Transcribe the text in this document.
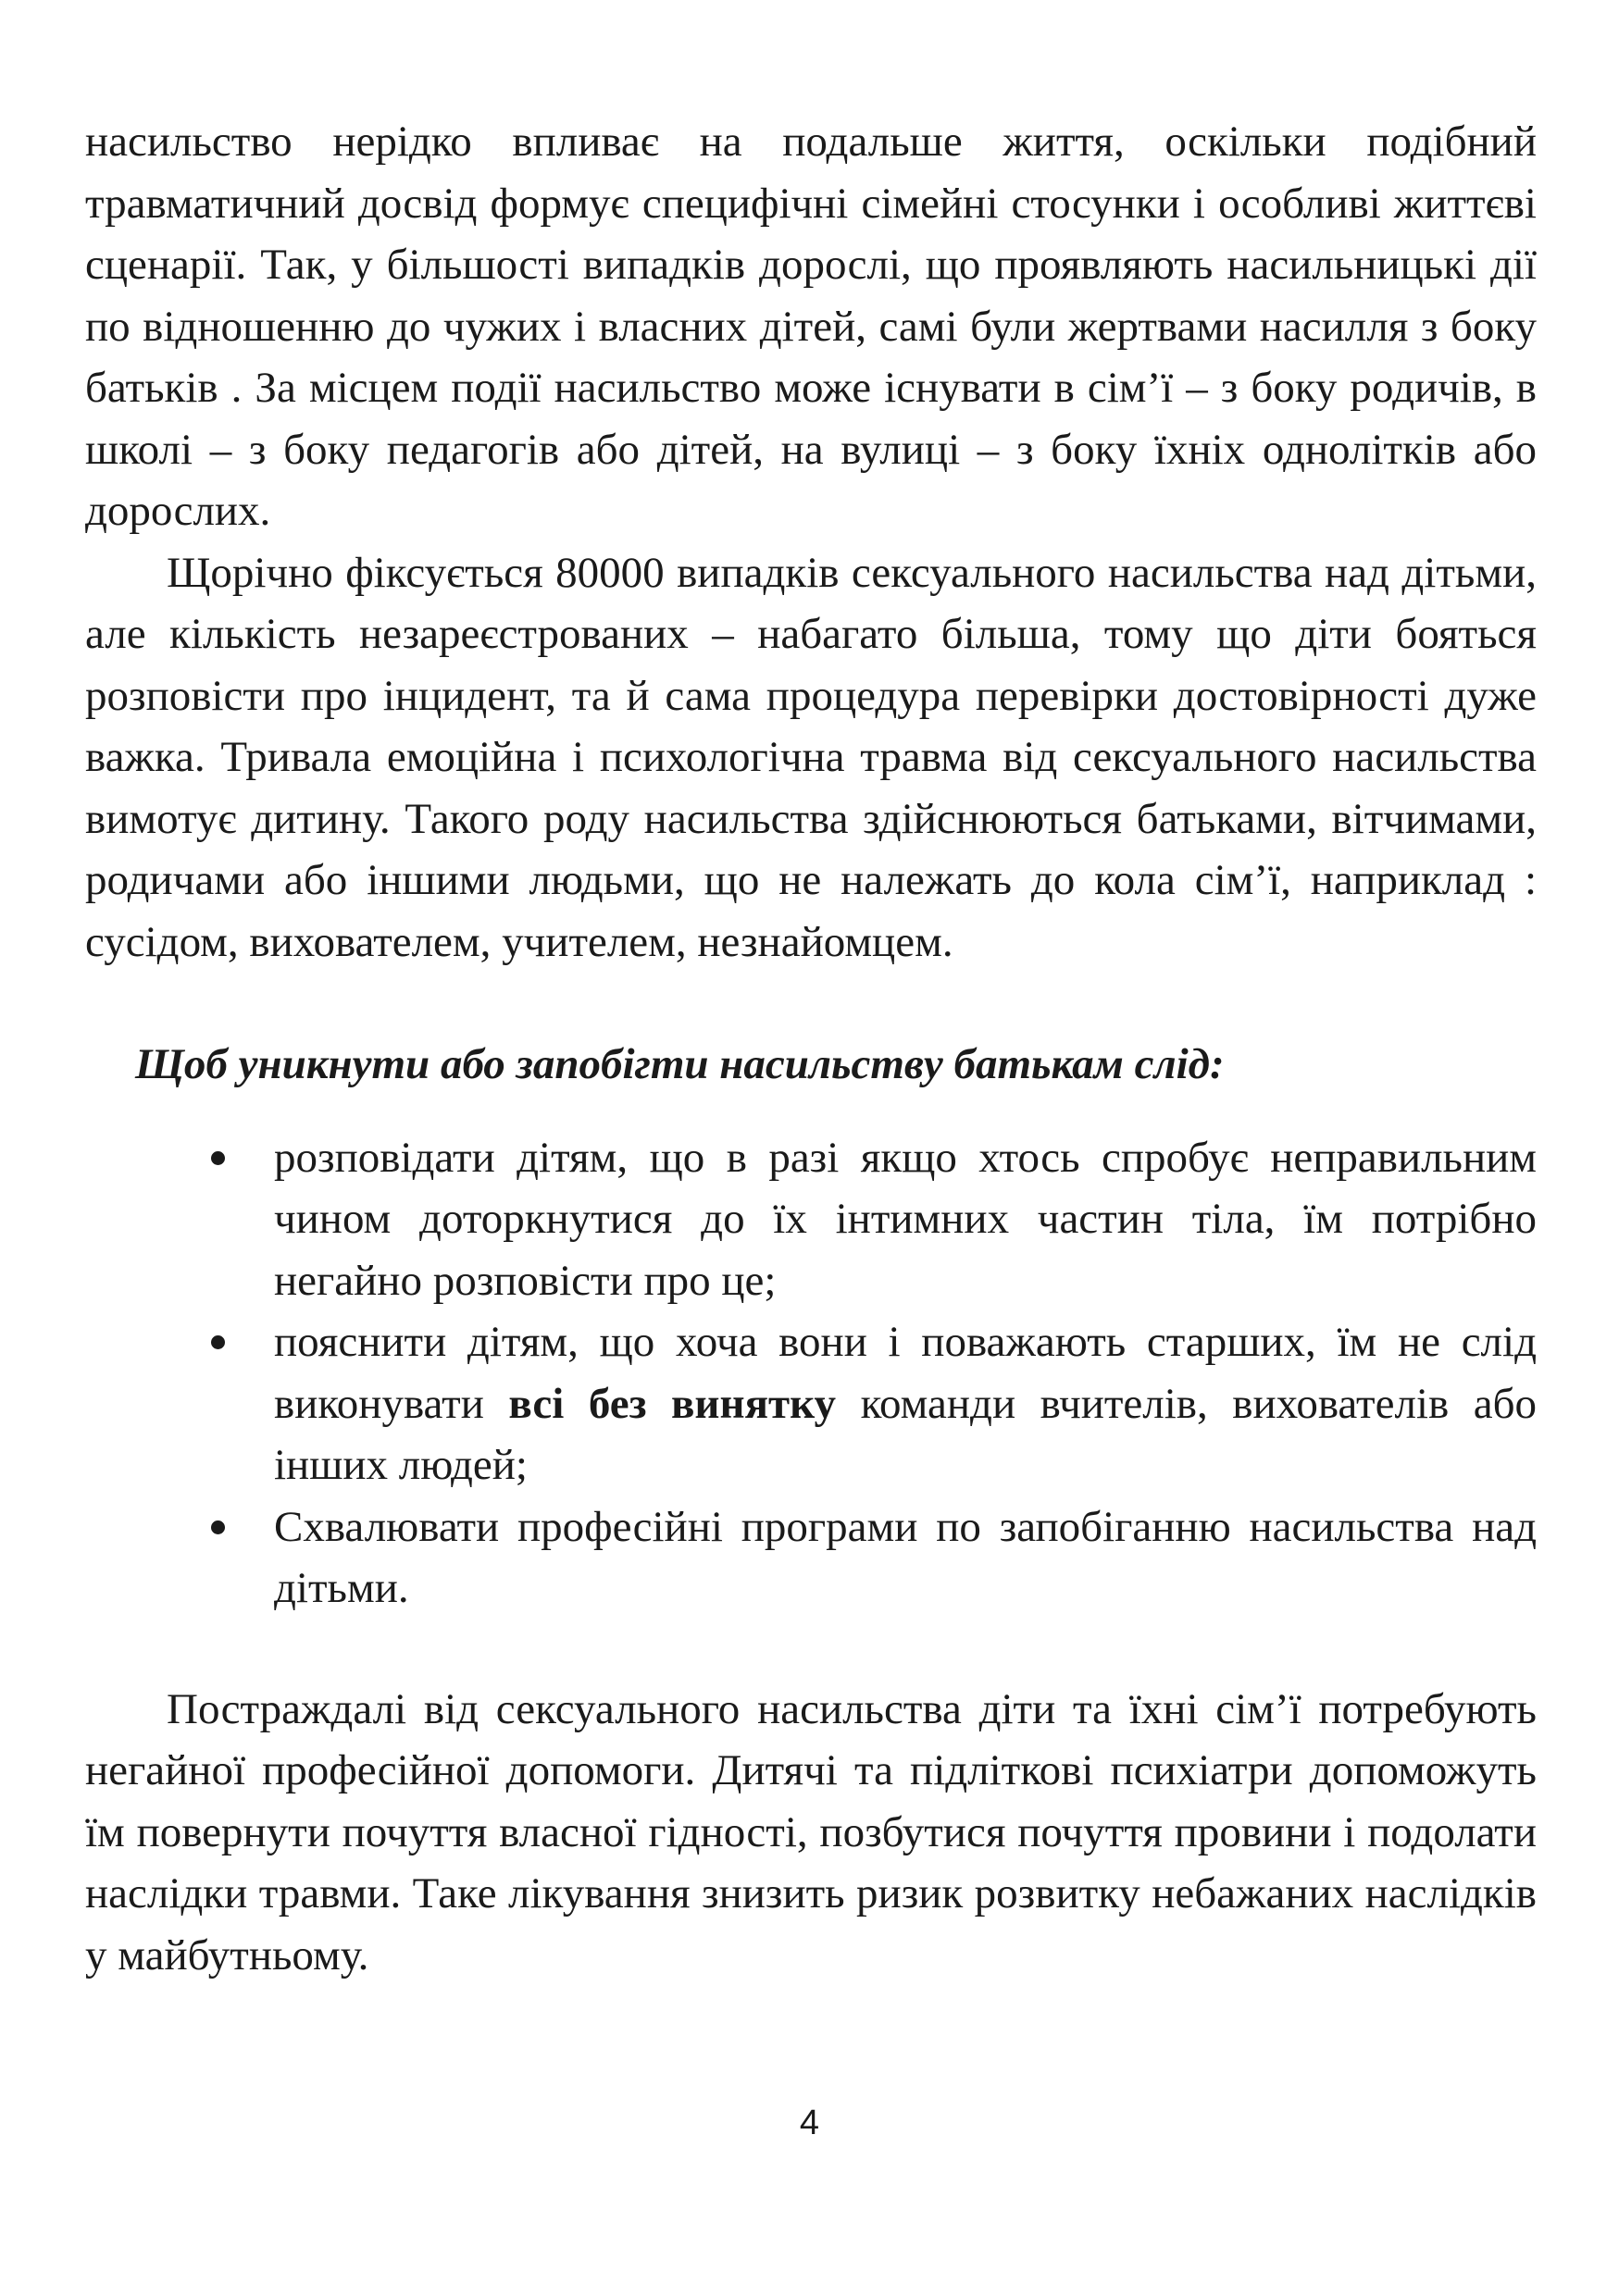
насильство нерідко впливає на подальше життя, оскільки подібний травматичний досвід формує специфічні сімейні стосунки і особливі життєві сценарії. Так, у більшості випадків дорослі, що проявляють насильницькі дії по відношенню до чужих і власних дітей, самі були жертвами насилля з боку батьків . За місцем події насильство може існувати в сім’ї – з боку родичів, в школі – з боку педагогів або дітей, на вулиці – з боку їхніх однолітків або дорослих.

Щорічно фіксується 80000 випадків сексуального насильства над дітьми, але кількість незареєстрованих – набагато більша, тому що діти бояться розповісти про інцидент, та й сама процедура перевірки достовірності дуже важка. Тривала емоційна і психологічна травма від сексуального насильства вимотує дитину. Такого роду насильства здійснюються батьками, вітчимами, родичами або іншими людьми, що не належать до кола сім’ї, наприклад : сусідом, вихователем, учителем, незнайомцем.

Щоб уникнути або запобігти насильству батькам слід:

розповідати дітям, що в разі якщо хтось спробує неправильним чином доторкнутися до їх інтимних частин тіла, їм потрібно негайно розповісти про це;
пояснити дітям, що хоча вони і поважають старших, їм не слід виконувати всі без винятку команди вчителів, вихователів або інших людей;
Схвалювати професійні програми по запобіганню насильства над дітьми.

Постраждалі від сексуального насильства діти та їхні сім’ї потребують негайної професійної допомоги. Дитячі та підліткові психіатри допоможуть їм повернути почуття власної гідності, позбутися почуття провини і подолати наслідки травми. Таке лікування знизить ризик розвитку небажаних наслідків у майбутньому.

4
